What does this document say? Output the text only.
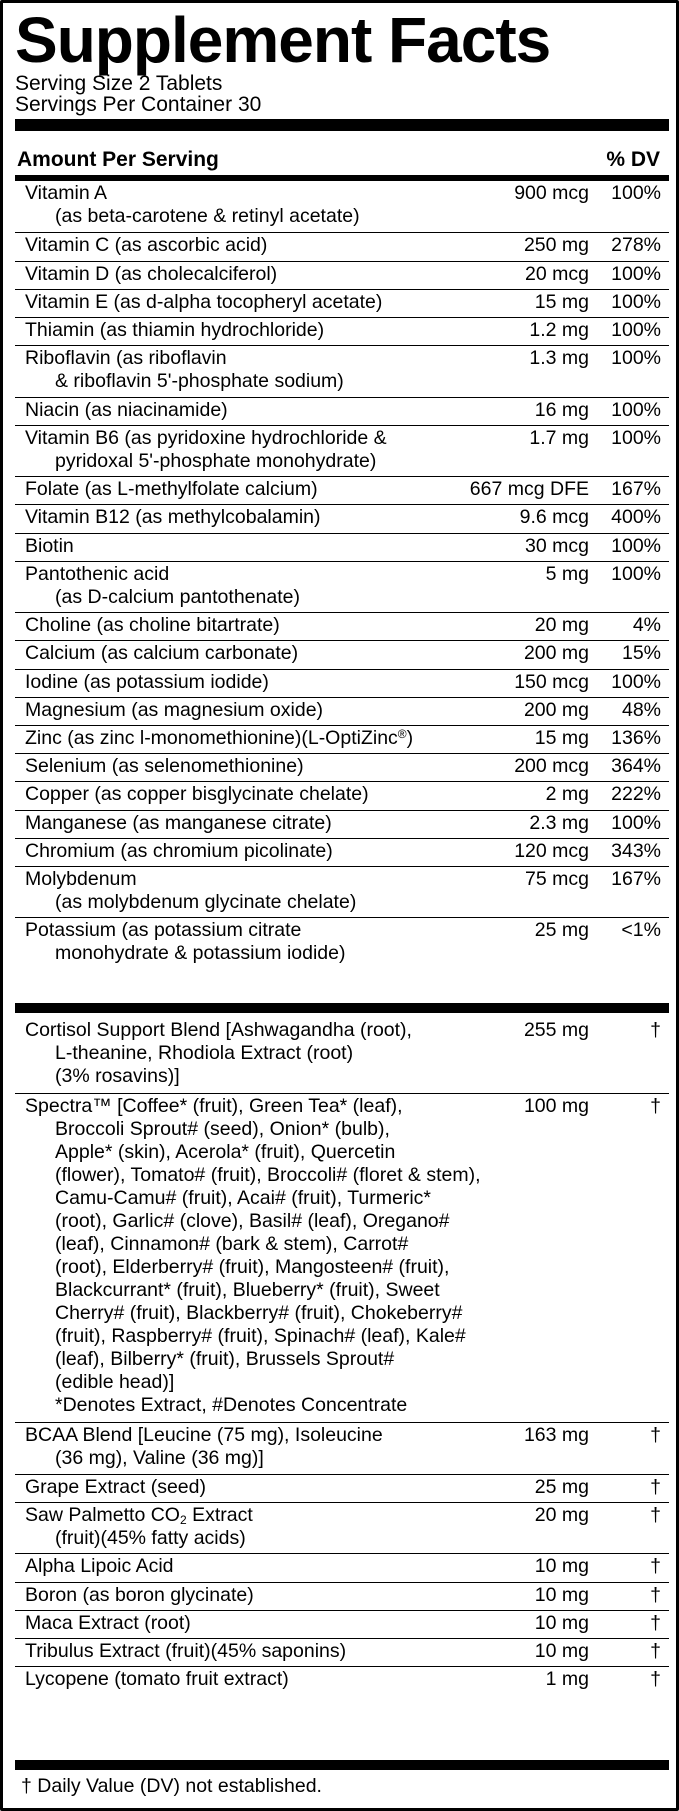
Supplement Facts
Serving Size 2 Tablets
Servings Per Container 30
Amount Per Serving	% DV
Vitamin A
(as beta-carotene & retinyl acetate)
900 mcg 100%
Vitamin C (as ascorbic acid)	250 mg 278%
Vitamin D (as cholecalciferol)	20 mcg 100%
Vitamin E (as d-alpha tocopheryl acetate)	15 mg 100%
Thiamin (as thiamin hydrochloride)	1.2 mg 100%
Riboflavin (as riboflavin
& riboflavin 5'-phosphate sodium)
1.3 mg 100%
Niacin (as niacinamide)	16 mg 100%
Vitamin B6 (as pyridoxine hydrochloride &
pyridoxal 5'-phosphate monohydrate)
1.7 mg 100%
Folate (as L-methylfolate calcium)	667 mcg DFE 167%
Vitamin B12 (as methylcobalamin)	9.6 mcg 400%
Biotin	30 mcg 100%
Pantothenic acid
(as D-calcium pantothenate)
5 mg 100%
Choline (as choline bitartrate)	20 mg 4%
Calcium (as calcium carbonate)	200 mg 15%
Iodine (as potassium iodide)	150 mcg 100%
Magnesium (as magnesium oxide)	200 mg 48%
Zinc (as zinc l-monomethionine)(L-OptiZinc®)	15 mg 136%
Selenium (as selenomethionine)	200 mcg 364%
Copper (as copper bisglycinate chelate)	2 mg 222%
Manganese (as manganese citrate)	2.3 mg 100%
Chromium (as chromium picolinate)	120 mcg 343%
Molybdenum
(as molybdenum glycinate chelate)
75 mcg 167%
Potassium (as potassium citrate
monohydrate & potassium iodide)
25 mg <1%
Cortisol Support Blend [Ashwagandha (root),
L-theanine, Rhodiola Extract (root)
(3% rosavins)]
255 mg	†
Spectra™ [Coffee* (fruit), Green Tea* (leaf),
Broccoli Sprout# (seed), Onion* (bulb),
Apple* (skin), Acerola* (fruit), Quercetin
(flower), Tomato# (fruit), Broccoli# (floret & stem),
Camu-Camu# (fruit), Acai# (fruit), Turmeric*
(root), Garlic# (clove), Basil# (leaf), Oregano#
(leaf), Cinnamon# (bark & stem), Carrot#
(root), Elderberry# (fruit), Mangosteen# (fruit),
Blackcurrant* (fruit), Blueberry* (fruit), Sweet
Cherry# (fruit), Blackberry# (fruit), Chokeberry#
(fruit), Raspberry# (fruit), Spinach# (leaf), Kale#
(leaf), Bilberry* (fruit), Brussels Sprout#
(edible head)]
*Denotes Extract, #Denotes Concentrate
100 mg	†
BCAA Blend [Leucine (75 mg), Isoleucine
(36 mg), Valine (36 mg)]
163 mg	†
Grape Extract (seed)	25 mg	†
Saw Palmetto $CO_2$ Extract
(fruit)(45% fatty acids)
20 mg	†
Alpha Lipoic Acid	10 mg	†
Boron (as boron glycinate)	10 mg	†
Maca Extract (root)	10 mg	†
Tribulus Extract (fruit)(45% saponins)	10 mg	†
Lycopene (tomato fruit extract)	1 mg	†
† Daily Value (DV) not established.
